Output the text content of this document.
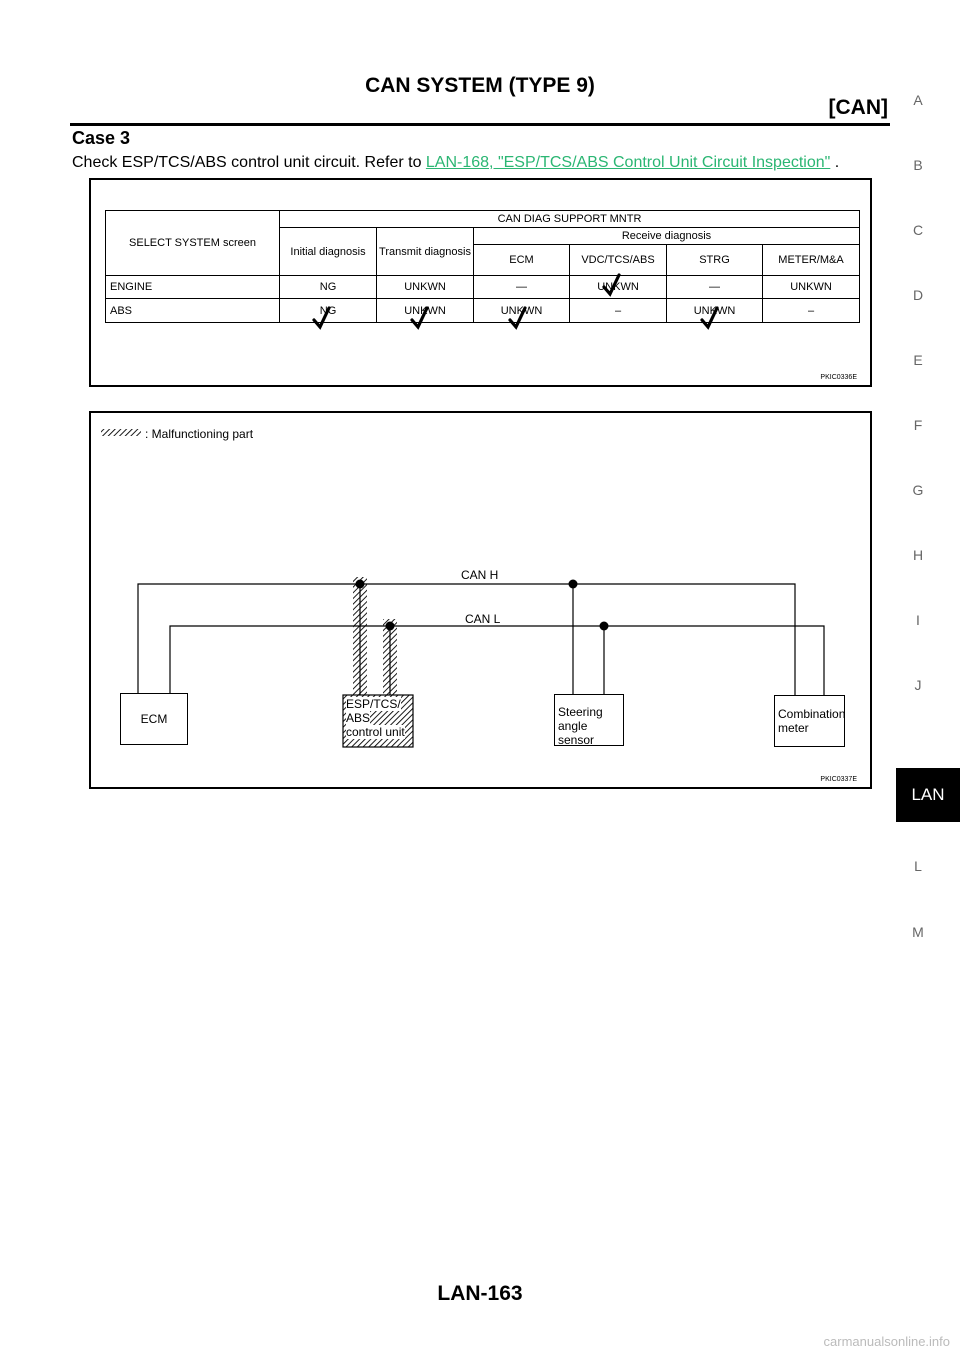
CAN SYSTEM (TYPE 9)
[CAN]
Case 3
Check ESP/TCS/ABS control unit circuit. Refer to LAN-168, "ESP/TCS/ABS Control Unit Circuit Inspection" .
SELECT SYSTEM screen	CAN DIAG SUPPORT MNTR					
	Initial diagnosis	Transmit diagnosis	Receive diagnosis			
			ECM	VDC/TCS/ABS	STRG	METER/M&A
ENGINE	NG	UNKWN	—	UNKWN	—	UNKWN
ABS	NG	UNKWN	UNKWN	–	UNKWN	–
PKIC0336E
: Malfunctioning part
CAN H
CAN L
ECM
ESP/TCS/
ABS
control unit
Steering
angle sensor
Combination
meter
PKIC0337E
A
B
C
D
E
F
G
H
I
J
L
M
LAN
LAN-163
carmanualsonline.info
